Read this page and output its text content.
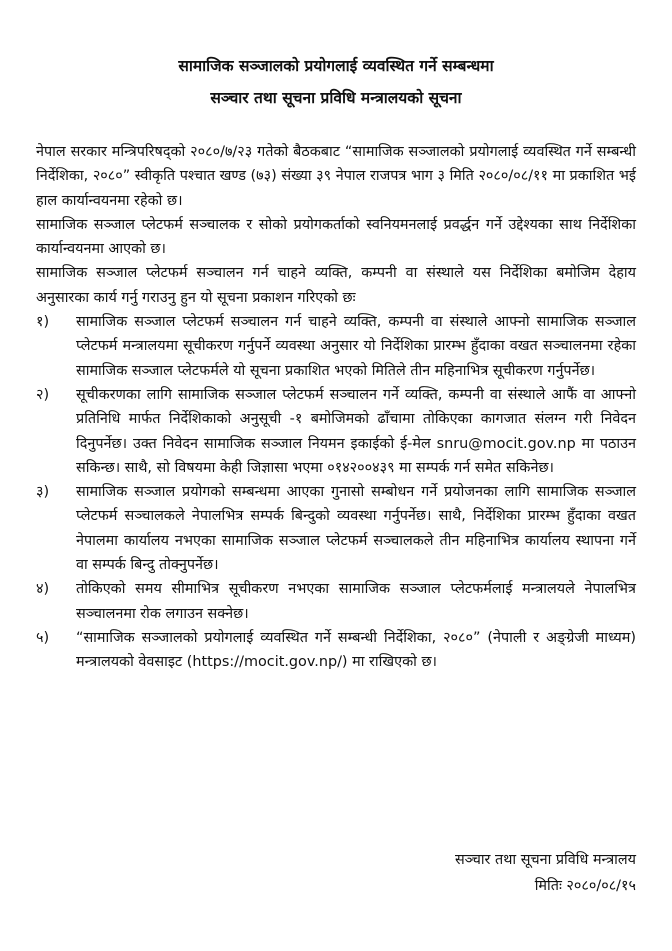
सामाजिक सञ्जालको प्रयोगलाई व्यवस्थित गर्ने सम्बन्धमा
सञ्चार तथा सूचना प्रविधि मन्त्रालयको सूचना

नेपाल सरकार मन्त्रिपरिषद्को २०८०/७/२३ गतेको बैठकबाट “सामाजिक सञ्जालको प्रयोगलाई व्यवस्थित गर्ने सम्बन्धी निर्देशिका, २०८०” स्वीकृति पश्चात खण्ड (७३) संख्या ३९ नेपाल राजपत्र भाग ३ मिति २०८०/०८/११ मा प्रकाशित भई हाल कार्यान्वयनमा रहेको छ।

सामाजिक सञ्जाल प्लेटफर्म सञ्चालक र सोको प्रयोगकर्ताको स्वनियमनलाई प्रवर्द्धन गर्ने उद्देश्यका साथ निर्देशिका कार्यान्वयनमा आएको छ।

सामाजिक सञ्जाल प्लेटफर्म सञ्चालन गर्न चाहने व्यक्ति, कम्पनी वा संस्थाले यस निर्देशिका बमोजिम देहाय अनुसारका कार्य गर्नु गराउनु हुन यो सूचना प्रकाशन गरिएको छः

१) सामाजिक सञ्जाल प्लेटफर्म सञ्चालन गर्न चाहने व्यक्ति, कम्पनी वा संस्थाले आफ्नो सामाजिक सञ्जाल प्लेटफर्म मन्त्रालयमा सूचीकरण गर्नुपर्ने व्यवस्था अनुसार यो निर्देशिका प्रारम्भ हुँदाका वखत सञ्चालनमा रहेका सामाजिक सञ्जाल प्लेटफर्मले यो सूचना प्रकाशित भएको मितिले तीन महिनाभित्र सूचीकरण गर्नुपर्नेछ।
२) सूचीकरणका लागि सामाजिक सञ्जाल प्लेटफर्म सञ्चालन गर्ने व्यक्ति, कम्पनी वा संस्थाले आफैं वा आफ्नो प्रतिनिधि मार्फत निर्देशिकाको अनुसूची -१ बमोजिमको ढाँचामा तोकिएका कागजात संलग्न गरी निवेदन दिनुपर्नेछ। उक्त निवेदन सामाजिक सञ्जाल नियमन इकाईको ई-मेल snru@mocit.gov.np मा पठाउन सकिन्छ। साथै, सो विषयमा केही जिज्ञासा भएमा ०१४२००४३९ मा सम्पर्क गर्न समेत सकिनेछ।
३) सामाजिक सञ्जाल प्रयोगको सम्बन्धमा आएका गुनासो सम्बोधन गर्ने प्रयोजनका लागि सामाजिक सञ्जाल प्लेटफर्म सञ्चालकले नेपालभित्र सम्पर्क बिन्दुको व्यवस्था गर्नुपर्नेछ। साथै, निर्देशिका प्रारम्भ हुँदाका वखत नेपालमा कार्यालय नभएका सामाजिक सञ्जाल प्लेटफर्म सञ्चालकले तीन महिनाभित्र कार्यालय स्थापना गर्ने वा सम्पर्क बिन्दु तोक्नुपर्नेछ।
४) तोकिएको समय सीमाभित्र सूचीकरण नभएका सामाजिक सञ्जाल प्लेटफर्मलाई मन्त्रालयले नेपालभित्र सञ्चालनमा रोक लगाउन सक्नेछ।
५) “सामाजिक सञ्जालको प्रयोगलाई व्यवस्थित गर्ने सम्बन्धी निर्देशिका, २०८०” (नेपाली र अङ्ग्रेजी माध्यम) मन्त्रालयको वेवसाइट (https://mocit.gov.np/) मा राखिएको छ।
सञ्चार तथा सूचना प्रविधि मन्त्रालय
मितिः २०८०/०८/१५
